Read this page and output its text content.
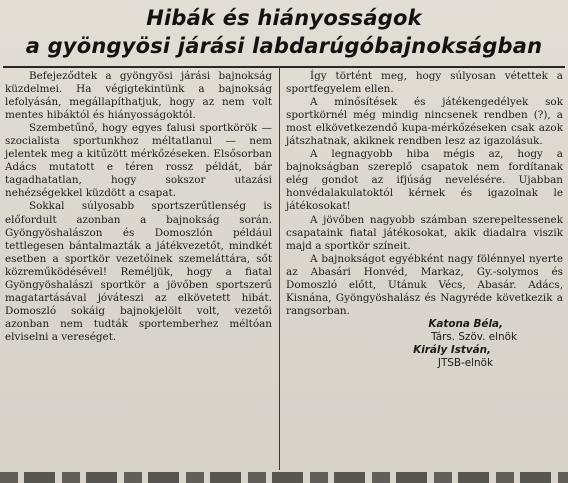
Hibák és hiányosságok
a gyöngyösi járási labdarúgóbajnokságban

Befejeződtek a gyöngyösi járási bajnokság küzdelmei. Ha végigtekintünk a bajnokság lefolyásán, megállapíthatjuk, hogy az nem volt mentes hibáktól és hiányosságoktól.

Szembetűnő, hogy egyes falusi sportkörök — szocialista sportunkhoz méltatlanul — nem jelentek meg a kitűzött mérkőzéseken. Elsősorban Adács mutatott e téren rossz példát, bár tagadhatatlan, hogy sokszor utazási nehézségekkel küzdött a csapat.

Sokkal súlyosabb sportszerűtlenség is előfordult azonban a bajnokság során. Gyöngyöshalászon és Domoszlón például tettlegesen bántalmazták a játékvezetőt, mindkét esetben a sportkör vezetőinek szemeláttára, sőt közreműködésével! Reméljük, hogy a fiatal Gyöngyöshalászi sportkör a jövőben sportszerű magatartásával jóváteszi az elkövetett hibát. Domoszló sokáig bajnokjelölt volt, vezetői azonban nem tudták sportemberhez méltóan elviselni a vereséget.

Így történt meg, hogy súlyosan vétettek a sportfegyelem ellen.

A minősítések és játékengedélyek sok sportkörnél még mindig nincsenek rendben (?), a most elkövetkezendő kupa-mérkőzéseken csak azok játszhatnak, akiknek rendben lesz az igazolásuk.

A legnagyobb hiba mégis az, hogy a bajnokságban szereplő csapatok nem fordítanak elég gondot az ifjúság nevelésére. Ujabban honvédalakulatoktól kérnek és igazolnak le játékosokat!

A jövőben nagyobb számban szerepeltessenek csapataink fiatal játékosokat, akik diadalra viszik majd a sportkör színeit.

A bajnokságot egyébként nagy fölénnyel nyerte az Abasári Honvéd, Markaz, Gy.-solymos és Domoszló előtt, Utánuk Vécs, Abasár. Adács, Kisnána, Gyöngyöshalász és Nagyréde következik a rangsorban.

Katona Béla,

Társ. Szöv. elnök

Király István,

JTSB-elnök
